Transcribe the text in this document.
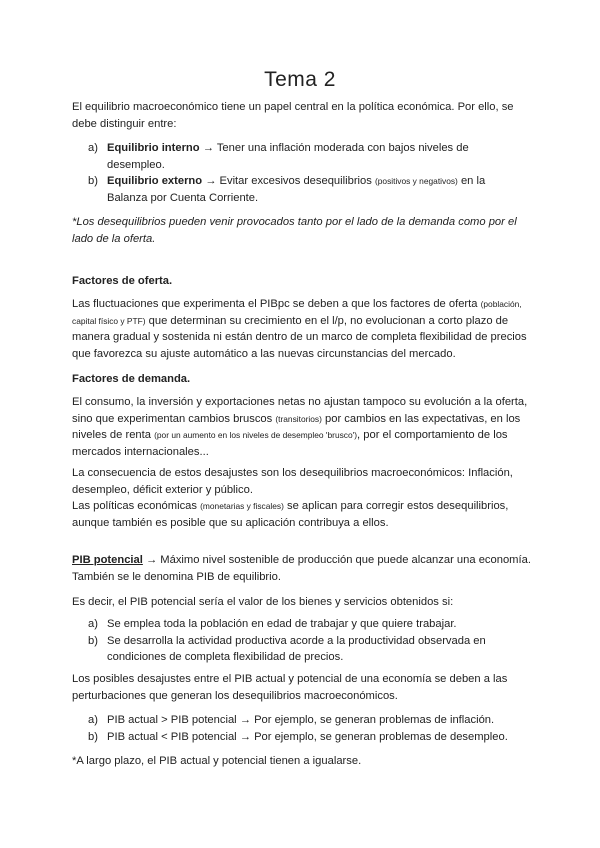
Tema 2
El equilibrio macroeconómico tiene un papel central en la política económica. Por ello, se debe distinguir entre:
a) Equilibrio interno → Tener una inflación moderada con bajos niveles de desempleo.
b) Equilibrio externo → Evitar excesivos desequilibrios (positivos y negativos) en la Balanza por Cuenta Corriente.
*Los desequilibrios pueden venir provocados tanto por el lado de la demanda como por el lado de la oferta.
Factores de oferta.
Las fluctuaciones que experimenta el PIBpc se deben a que los factores de oferta (población, capital físico y PTF) que determinan su crecimiento en el l/p, no evolucionan a corto plazo de manera gradual y sostenida ni están dentro de un marco de completa flexibilidad de precios que favorezca su ajuste automático a las nuevas circunstancias del mercado.
Factores de demanda.
El consumo, la inversión y exportaciones netas no ajustan tampoco su evolución a la oferta, sino que experimentan cambios bruscos (transitorios) por cambios en las expectativas, en los niveles de renta (por un aumento en los niveles de desempleo 'brusco'), por el comportamiento de los mercados internacionales...
La consecuencia de estos desajustes son los desequilibrios macroeconómicos: Inflación, desempleo, déficit exterior y público.
Las políticas económicas (monetarias y fiscales) se aplican para corregir estos desequilibrios, aunque también es posible que su aplicación contribuya a ellos.
PIB potencial → Máximo nivel sostenible de producción que puede alcanzar una economía. También se le denomina PIB de equilibrio.
Es decir, el PIB potencial sería el valor de los bienes y servicios obtenidos si:
a) Se emplea toda la población en edad de trabajar y que quiere trabajar.
b) Se desarrolla la actividad productiva acorde a la productividad observada en condiciones de completa flexibilidad de precios.
Los posibles desajustes entre el PIB actual y potencial de una economía se deben a las perturbaciones que generan los desequilibrios macroeconómicos.
a) PIB actual > PIB potencial → Por ejemplo, se generan problemas de inflación.
b) PIB actual < PIB potencial → Por ejemplo, se generan problemas de desempleo.
*A largo plazo, el PIB actual y potencial tienen a igualarse.
